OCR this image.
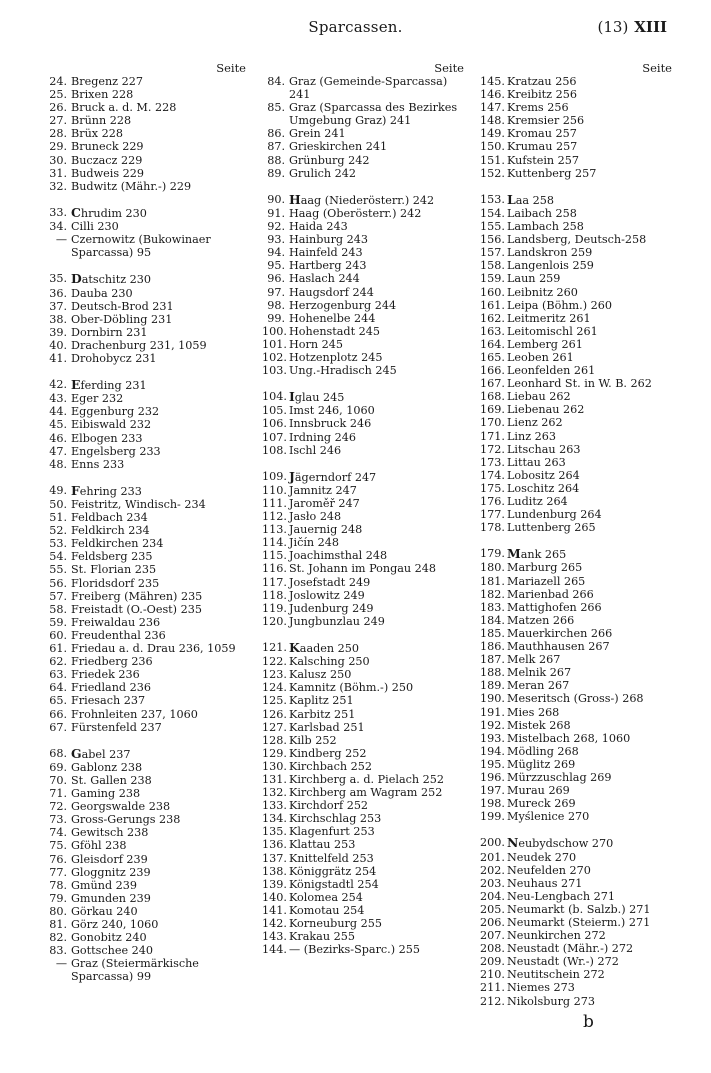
Sparcassen.	(13) XIII
Seite
24. Bregenz 227
25. Brixen 228
26. Bruck a. d. M. 228
27. Brünn 228
28. Brüx 228
29. Bruneck 229
30. Buczacz 229
31. Budweis 229
32. Budwitz (Mähr.-) 229
33. Chrudim 230
34. Cilli 230
— Czernowitz (Bukowinaer Sparcassa) 95
35. Datschitz 230
36. Dauba 230
37. Deutsch-Brod 231
38. Ober-Döbling 231
39. Dornbirn 231
40. Drachenburg 231, 1059
41. Drohobycz 231
42. Eferding 231
43. Eger 232
44. Eggenburg 232
45. Eibiswald 232
46. Elbogen 233
47. Engelsberg 233
48. Enns 233
49. Fehring 233
50. Feistritz, Windisch- 234
51. Feldbach 234
52. Feldkirch 234
53. Feldkirchen 234
54. Feldsberg 235
55. St. Florian 235
56. Floridsdorf 235
57. Freiberg (Mähren) 235
58. Freistadt (O.-Oest) 235
59. Freiwaldau 236
60. Freudenthal 236
61. Friedau a. d. Drau 236, 1059
62. Friedberg 236
63. Friedek 236
64. Friedland 236
65. Friesach 237
66. Frohnleiten 237, 1060
67. Fürstenfeld 237
68. Gabel 237
69. Gablonz 238
70. St. Gallen 238
71. Gaming 238
72. Georgswalde 238
73. Gross-Gerungs 238
74. Gewitsch 238
75. Gföhl 238
76. Gleisdorf 239
77. Gloggnitz 239
78. Gmünd 239
79. Gmunden 239
80. Görkau 240
81. Görz 240, 1060
82. Gonobitz 240
83. Gottschee 240
— Graz (Steiermärkische Sparcassa) 99
Seite
84. Graz (Gemeinde-Sparcassa) 241
85. Graz (Sparcassa des Bezirkes Umgebung Graz) 241
86. Grein 241
87. Grieskirchen 241
88. Grünburg 242
89. Grulich 242
90. Haag (Niederösterr.) 242
91. Haag (Oberösterr.) 242
92. Haida 243
93. Hainburg 243
94. Hainfeld 243
95. Hartberg 243
96. Haslach 244
97. Haugsdorf 244
98. Herzogenburg 244
99. Hohenelbe 244
100. Hohenstadt 245
101. Horn 245
102. Hotzenplotz 245
103. Ung.-Hradisch 245
104. Iglau 245
105. Imst 246, 1060
106. Innsbruck 246
107. Irdning 246
108. Ischl 246
109. Jägerndorf 247
110. Jamnitz 247
111. Jaroměř 247
112. Jasło 248
113. Jauernig 248
114. Jičín 248
115. Joachimsthal 248
116. St. Johann im Pongau 248
117. Josefstadt 249
118. Joslowitz 249
119. Judenburg 249
120. Jungbunzlau 249
121. Kaaden 250
122. Kalsching 250
123. Kalusz 250
124. Kamnitz (Böhm.-) 250
125. Kaplitz 251
126. Karbitz 251
127. Karlsbad 251
128. Kilb 252
129. Kindberg 252
130. Kirchbach 252
131. Kirchberg a. d. Pielach 252
132. Kirchberg am Wagram 252
133. Kirchdorf 252
134. Kirchschlag 253
135. Klagenfurt 253
136. Klattau 253
137. Knittelfeld 253
138. Königgrätz 254
139. Königstadtl 254
140. Kolomea 254
141. Komotau 254
142. Korneuburg 255
143. Krakau 255
144. — (Bezirks-Sparc.) 255
Seite
145. Kratzau 256
146. Kreibitz 256
147. Krems 256
148. Kremsier 256
149. Kromau 257
150. Krumau 257
151. Kufstein 257
152. Kuttenberg 257
153. Laa 258
154. Laibach 258
155. Lambach 258
156. Landsberg, Deutsch-258
157. Landskron 259
158. Langenlois 259
159. Laun 259
160. Leibnitz 260
161. Leipa (Böhm.) 260
162. Leitmeritz 261
163. Leitomischl 261
164. Lemberg 261
165. Leoben 261
166. Leonfelden 261
167. Leonhard St. in W. B. 262
168. Liebau 262
169. Liebenau 262
170. Lienz 262
171. Linz 263
172. Litschau 263
173. Littau 263
174. Lobositz 264
175. Loschitz 264
176. Luditz 264
177. Lundenburg 264
178. Luttenberg 265
179. Mank 265
180. Marburg 265
181. Mariazell 265
182. Marienbad 266
183. Mattighofen 266
184. Matzen 266
185. Mauerkirchen 266
186. Mauthhausen 267
187. Melk 267
188. Melnik 267
189. Meran 267
190. Meseritsch (Gross-) 268
191. Mies 268
192. Mistek 268
193. Mistelbach 268, 1060
194. Mödling 268
195. Müglitz 269
196. Mürzzuschlag 269
197. Murau 269
198. Mureck 269
199. Myślenice 270
200. Neubydschow 270
201. Neudek 270
202. Neufelden 270
203. Neuhaus 271
204. Neu-Lengbach 271
205. Neumarkt (b. Salzb.) 271
206. Neumarkt (Steierm.) 271
207. Neunkirchen 272
208. Neustadt (Mähr.-) 272
209. Neustadt (Wr.-) 272
210. Neutitschein 272
211. Niemes 273
212. Nikolsburg 273
b
